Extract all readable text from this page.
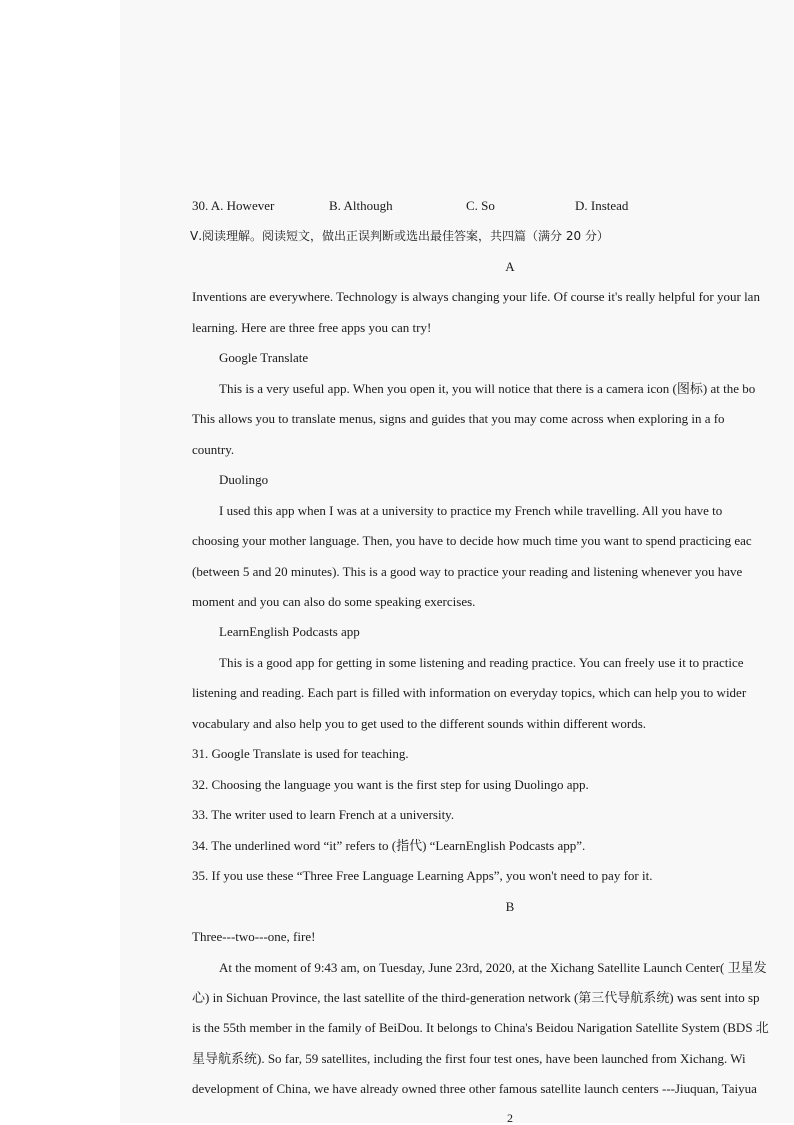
30. A. However	B. Although	C. So	D. Instead
Ⅴ.阅读理解。阅读短文，做出正误判断或选出最佳答案，共四篇（满分 20 分）
A
Inventions are everywhere. Technology is always changing your life. Of course it's really helpful for your lan
learning. Here are three free apps you can try!
Google Translate
This is a very useful app. When you open it, you will notice that there is a camera icon (图标) at the bo
This allows you to translate menus, signs and guides that you may come across when exploring in a fo
country.
Duolingo
I used this app when I was at a university to practice my French while travelling. All you have to
choosing your mother language. Then, you have to decide how much time you want to spend practicing eac
(between 5 and 20 minutes). This is a good way to practice your reading and listening whenever you have
moment and you can also do some speaking exercises.
LearnEnglish Podcasts app
This is a good app for getting in some listening and reading practice. You can freely use it to practice
listening and reading. Each part is filled with information on everyday topics, which can help you to wider
vocabulary and also help you to get used to the different sounds within different words.
31. Google Translate is used for teaching.
32. Choosing the language you want is the first step for using Duolingo app.
33. The writer used to learn French at a university.
34. The underlined word “it” refers to (指代) “LearnEnglish Podcasts app”.
35. If you use these “Three Free Language Learning Apps”, you won't need to pay for it.
B
Three---two---one, fire!
At the moment of 9:43 am, on Tuesday, June 23rd, 2020, at the Xichang Satellite Launch Center( 卫星发
心) in Sichuan Province, the last satellite of the third-generation network (第三代导航系统) was sent into sp
is the 55th member in the family of BeiDou. It belongs to China's Beidou Narigation Satellite System (BDS 北
星导航系统). So far, 59 satellites, including the first four test ones, have been launched from Xichang. Wi
development of China, we have already owned three other famous satellite launch centers ---Jiuquan, Taiyua
2
